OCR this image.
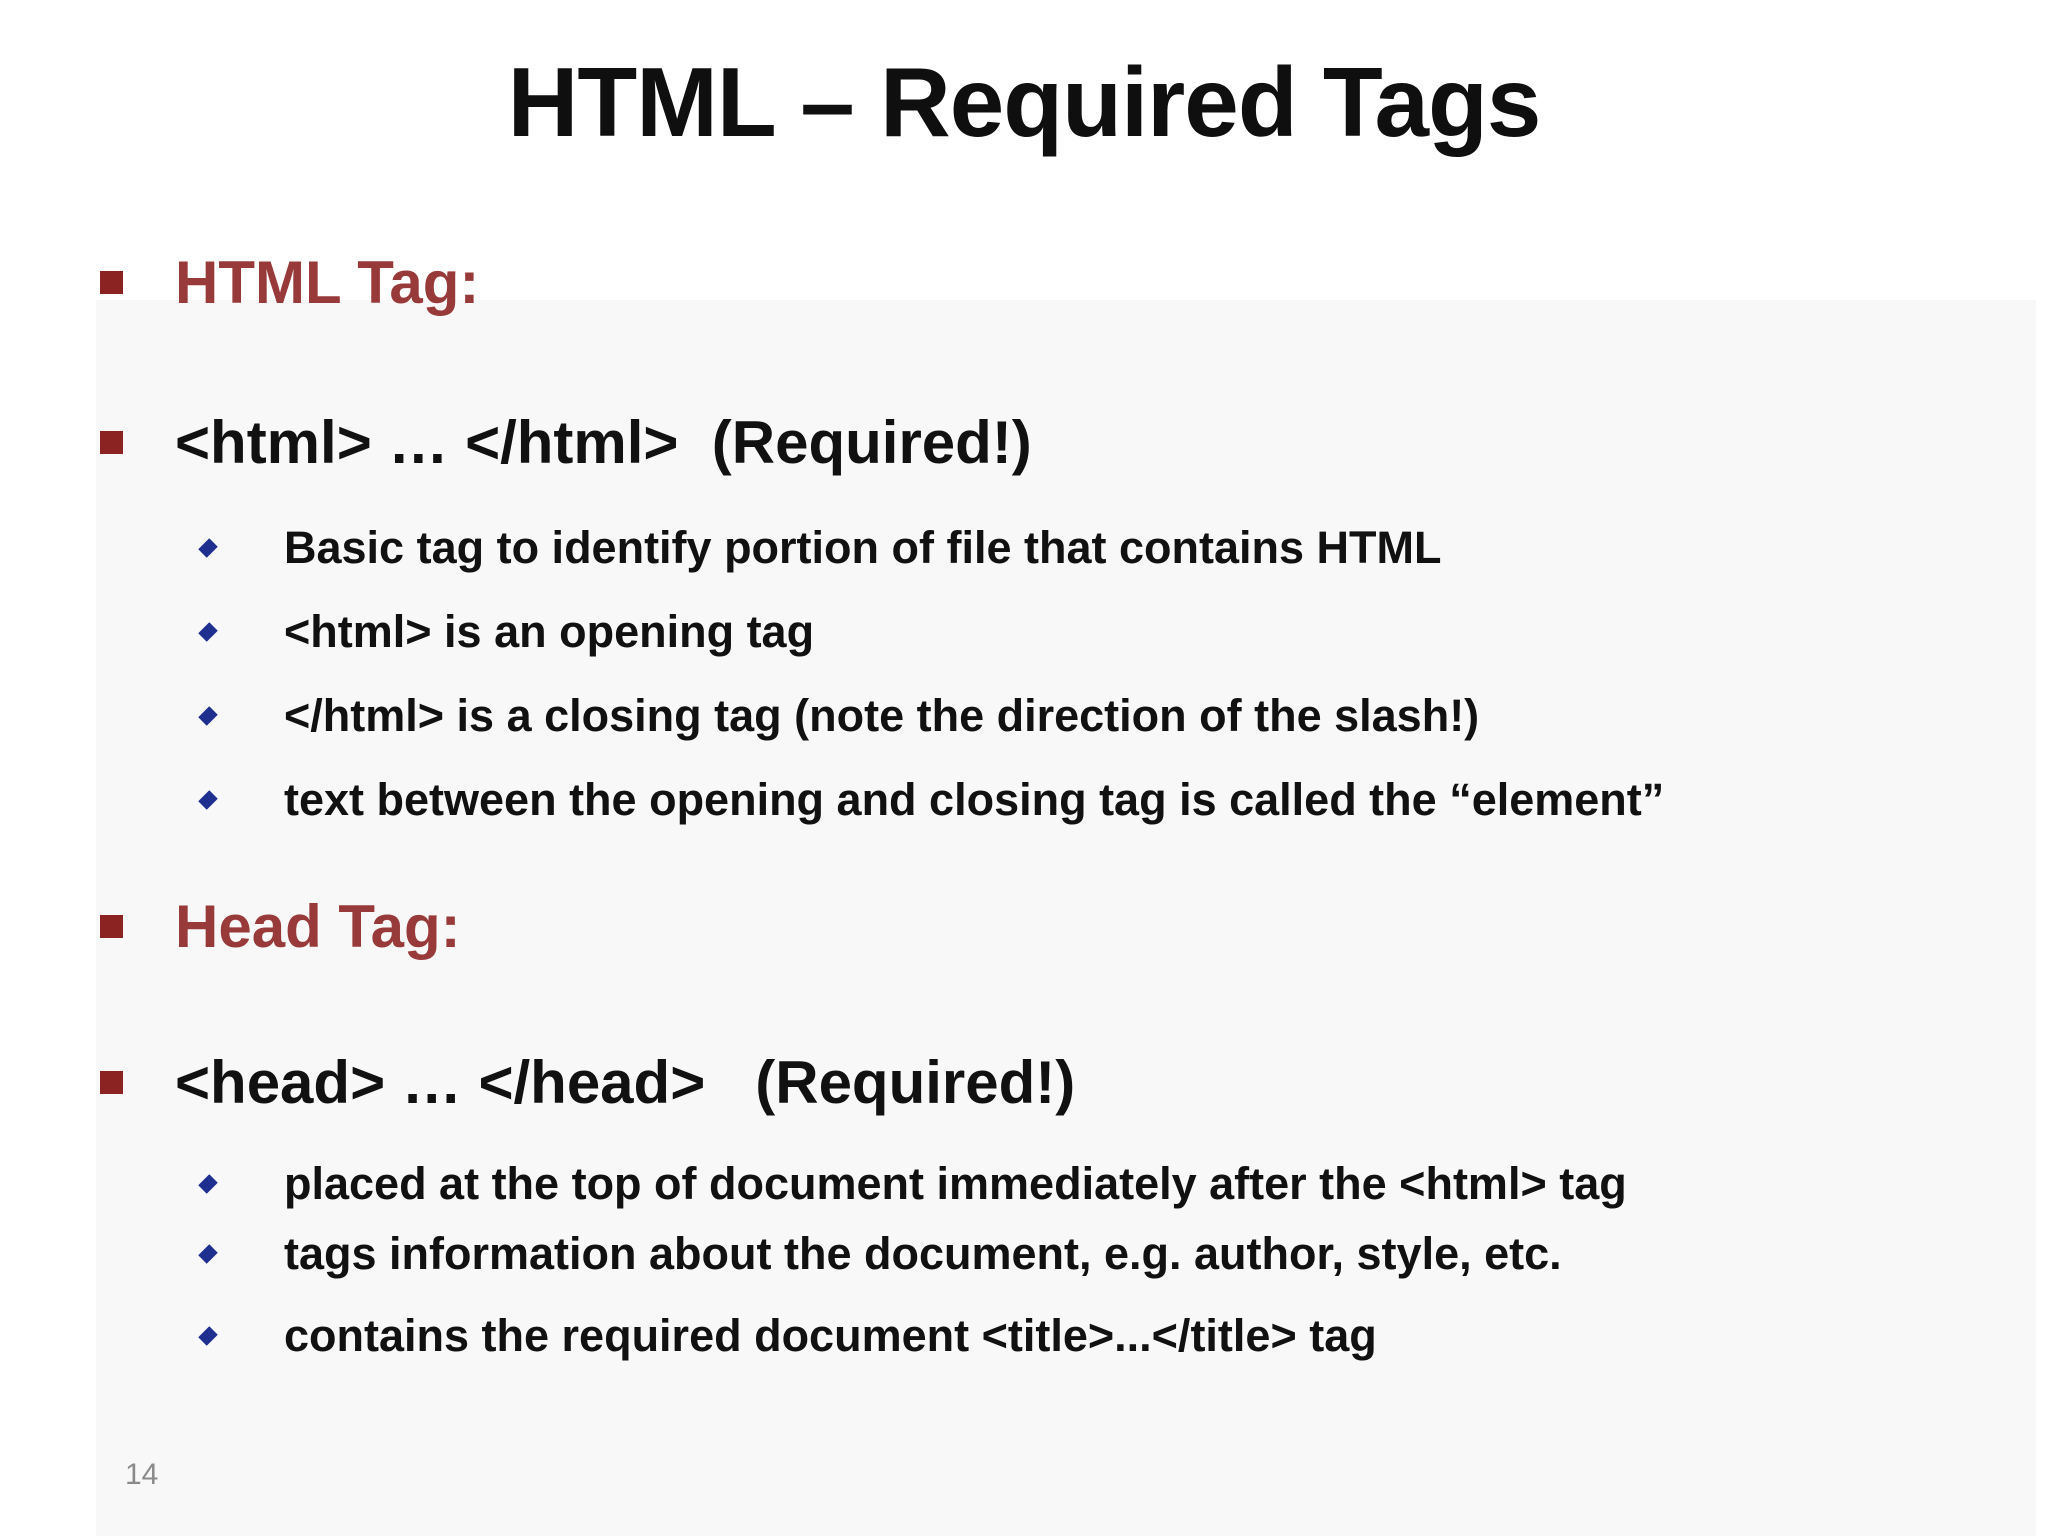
HTML – Required Tags
HTML Tag:
<html> … </html>  (Required!)
Basic tag to identify portion of file that contains HTML
<html> is an opening tag
</html> is a closing tag (note the direction of the slash!)
text between the opening and closing tag is called the “element”
Head Tag:
<head> … </head>   (Required!)
placed at the top of document immediately after the <html> tag
tags information about the document, e.g. author, style, etc.
contains the required document <title>...</title> tag
14
